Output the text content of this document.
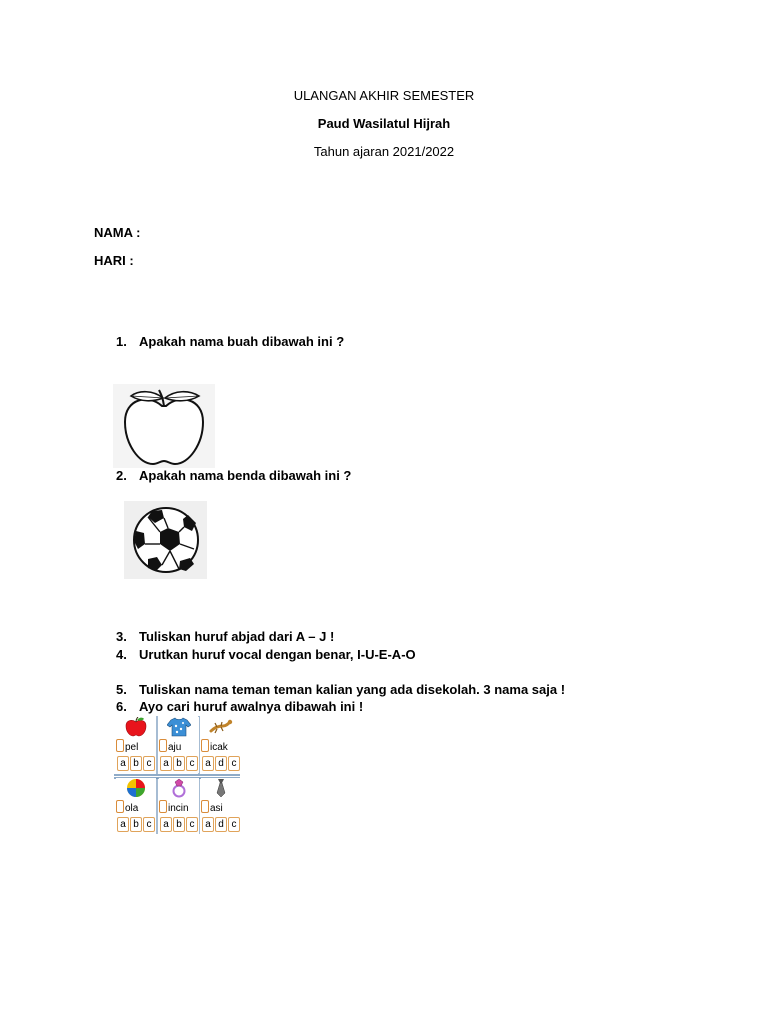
ULANGAN AKHIR SEMESTER
Paud Wasilatul Hijrah
Tahun ajaran 2021/2022
NAMA :
HARI :
1. Apakah nama buah dibawah ini ?
2. Apakah nama benda dibawah ini ?
3. Tuliskan huruf abjad dari A – J !
4. Urutkan huruf vocal dengan benar, I-U-E-A-O
5. Tuliskan nama teman teman kalian yang ada disekolah. 3 nama saja !
6. Ayo cari huruf awalnya dibawah ini !
pel
a b c
aju
a b c
icak
a d c
ola
a b c
incin
a b c
asi
a d c
